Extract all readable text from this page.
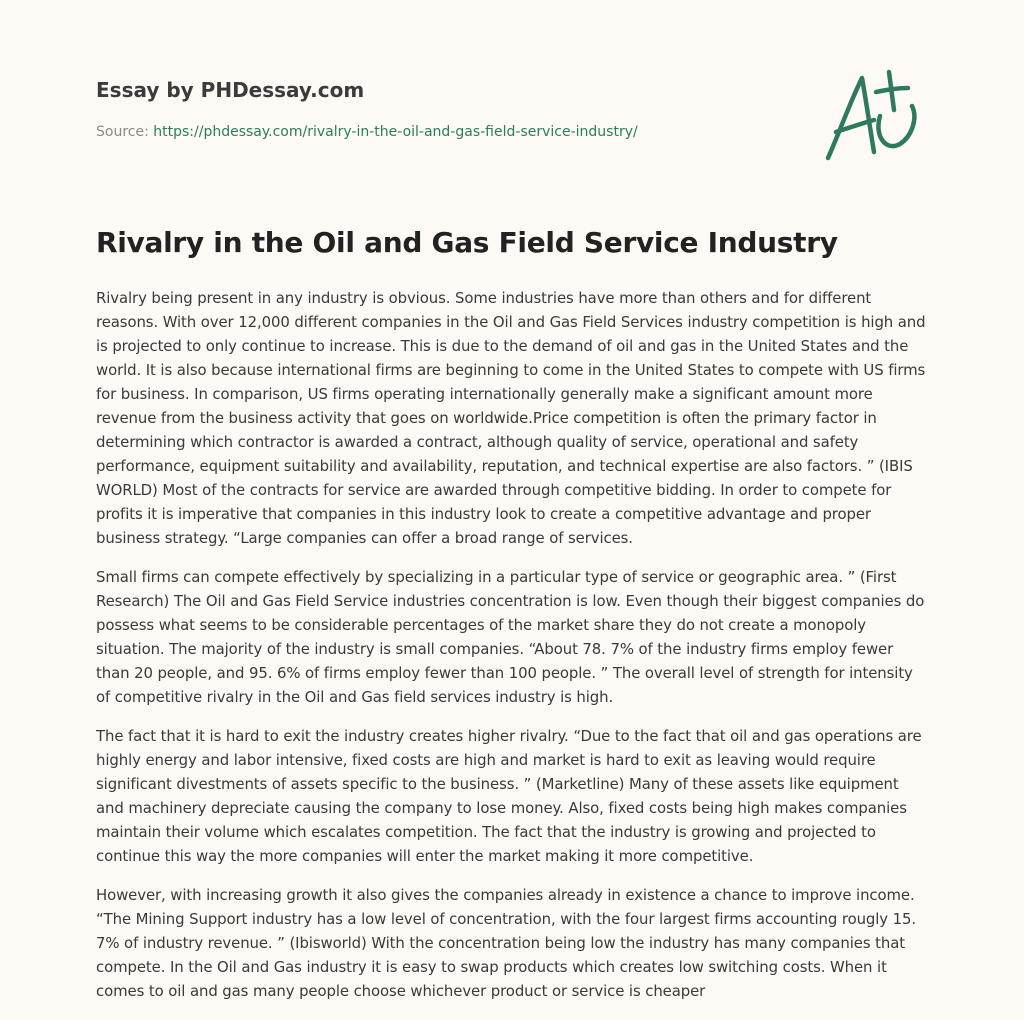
Essay by PHDessay.com
Source: https://phdessay.com/rivalry-in-the-oil-and-gas-field-service-industry/
Rivalry in the Oil and Gas Field Service Industry

Rivalry being present in any industry is obvious. Some industries have more than others and for different reasons. With over 12,000 different companies in the Oil and Gas Field Services industry competition is high and is projected to only continue to increase. This is due to the demand of oil and gas in the United States and the world. It is also because international firms are beginning to come in the United States to compete with US firms for business. In comparison, US firms operating internationally generally make a significant amount more revenue from the business activity that goes on worldwide.Price competition is often the primary factor in determining which contractor is awarded a contract, although quality of service, operational and safety performance, equipment suitability and availability, reputation, and technical expertise are also factors. ” (IBIS WORLD) Most of the contracts for service are awarded through competitive bidding. In order to compete for profits it is imperative that companies in this industry look to create a competitive advantage and proper business strategy. “Large companies can offer a broad range of services.

Small firms can compete effectively by specializing in a particular type of service or geographic area. ” (First Research) The Oil and Gas Field Service industries concentration is low. Even though their biggest companies do possess what seems to be considerable percentages of the market share they do not create a monopoly situation. The majority of the industry is small companies. “About 78. 7% of the industry firms employ fewer than 20 people, and 95. 6% of firms employ fewer than 100 people. ” The overall level of strength for intensity of competitive rivalry in the Oil and Gas field services industry is high.

The fact that it is hard to exit the industry creates higher rivalry. “Due to the fact that oil and gas operations are highly energy and labor intensive, fixed costs are high and market is hard to exit as leaving would require significant divestments of assets specific to the business. ” (Marketline) Many of these assets like equipment and machinery depreciate causing the company to lose money. Also, fixed costs being high makes companies maintain their volume which escalates competition. The fact that the industry is growing and projected to continue this way the more companies will enter the market making it more competitive.

However, with increasing growth it also gives the companies already in existence a chance to improve income. “The Mining Support industry has a low level of concentration, with the four largest firms accounting rougly 15. 7% of industry revenue. ” (Ibisworld) With the concentration being low the industry has many companies that compete. In the Oil and Gas industry it is easy to swap products which creates low switching costs. When it comes to oil and gas many people choose whichever product or service is cheaper
